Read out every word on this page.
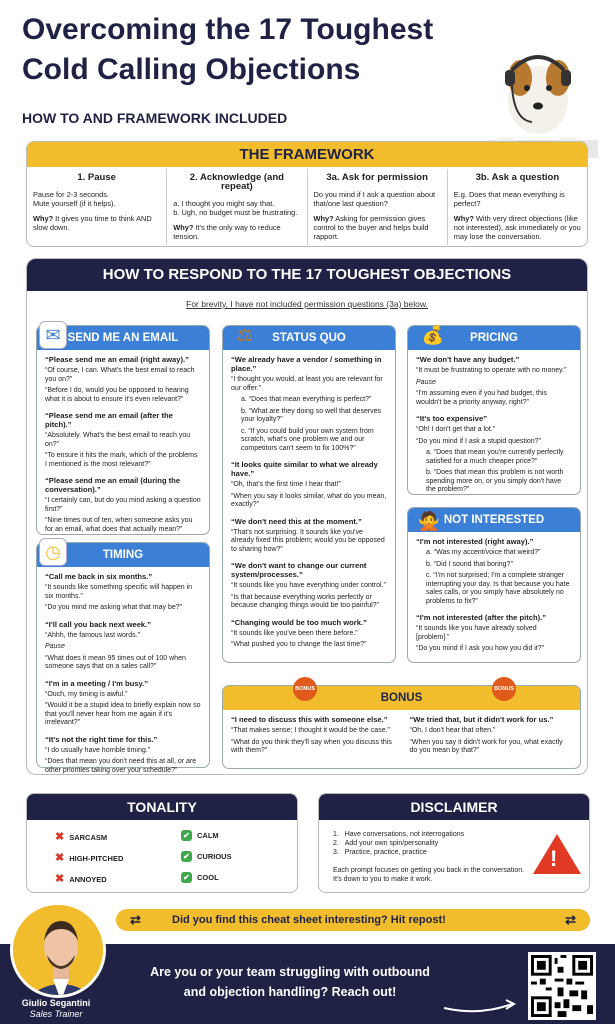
Overcoming the 17 Toughest
Cold Calling Objections
HOW TO AND FRAMEWORK INCLUDED
THE FRAMEWORK
1. Pause
Pause for 2-3 seconds.
Mute yourself (if it helps).
Why? It gives you time to think AND slow down.
2. Acknowledge (and repeat)
a. I thought you might say that.
b. Ugh, no budget must be frustrating.
Why? It's the only way to reduce tension.
3a. Ask for permission
Do you mind if I ask a question about that/one last question?
Why? Asking for permission gives control to the buyer and helps build rapport.
3b. Ask a question
E.g. Does that mean everything is perfect?
Why? With very direct objections (like not interested), ask immediately or you may lose the conversation.
HOW TO RESPOND TO THE 17 TOUGHEST OBJECTIONS
For brevity, I have not included permission questions (3a) below.
SEND ME AN EMAIL
“Please send me an email (right away).”
“Of course, I can. What's the best email to reach you on?”
“Before I do, would you be opposed to hearing what it is about to ensure it's even relevant?”
“Please send me an email (after the pitch).”
“Absolutely. What's the best email to reach you on?”
“To ensure it hits the mark, which of the problems I mentioned is the most relevant?”
“Please send me an email (during the conversation).”
“I certainly can, but do you mind asking a question first?”
“Nine times out of ten, when someone asks you for an email, what does that actually mean?”
✉
TIMING
“Call me back in six months.”
“It sounds like something specific will happen in six months.”
“Do you mind me asking what that may be?”
“I'll call you back next week.”
“Ahhh, the famous last words.”
Pause
“What does it mean 95 times out of 100 when someone says that on a sales call?”
“I'm in a meeting / I'm busy.”
“Ouch, my timing is awful.”
“Would it be a stupid idea to briefly explain now so that you'll never hear from me again if it's irrelevant?”
“It's not the right time for this.”
“I do usually have horrible timing.”
“Does that mean you don't need this at all, or are other priorities taking over your schedule?”
◷
STATUS QUO
“We already have a vendor / something in place.”
“I thought you would, at least you are relevant for our offer.”
a. “Does that mean everything is perfect?”
b. “What are they doing so well that deserves your loyalty?”
c. “If you could build your own system from scratch, what's one problem we and our competitors can't seem to fix 100%?”
“It looks quite similar to what we already have.”
“Oh, that's the first time I hear that!”
“When you say it looks similar, what do you mean, exactly?”
“We don't need this at the moment.”
“That's not surprising. It sounds like you've already fixed this problem; would you be opposed to sharing how?”
“We don't want to change our current system/processes.”
“It sounds like you have everything under control.”
“Is that because everything works perfectly or because changing things would be too painful?”
“Changing would be too much work.”
“It sounds like you've been there before.”
“What pushed you to change the last time?”
⚖	PRICING
“We don't have any budget.”
“It must be frustrating to operate with no money.”
Pause
“I'm assuming even if you had budget, this wouldn't be a priority anyway, right?”
“It's too expensive”
“Oh! I don't get that a lot.”
“Do you mind if I ask a stupid question?”
a. “Does that mean you're currently perfectly satisfied for a much cheaper price?”
b. “Does that mean this problem is not worth spending more on, or you simply don't have the problem?”
💰
NOT INTERESTED
“I'm not interested (right away).”
a. “Was my accent/voice that weird?”
b. “Did I sound that boring?”
c. “I'm not surprised; I'm a complete stranger interrupting your day. Is that because you hate sales calls, or you simply have absolutely no problems to fix?”
“I'm not interested (after the pitch).”
“It sounds like you have already solved [problem].”
“Do you mind if I ask you how you did it?”
🙅
BONUS
“I need to discuss this with someone else.”
“That makes sense; I thought it would be the case.”
“What do you think they'll say when you discuss this with them?”
“We tried that, but it didn't work for us.”
“Oh, I don't hear that often.”
“When you say it didn't work for you, what exactly do you mean by that?”
BONUS	BONUS
TONALITY
✖ SARCASM	✔ CALM
✖ HIGH-PITCHED	✔ CURIOUS
✖ ANNOYED	✔ COOL
DISCLAIMER
1.   Have conversations, not interrogations
2.   Add your own spin/personality
3.   Practice, practice, practice
Each prompt focuses on getting you back in the conversation. It's down to you to make it work.
!
⇄	Did you find this cheat sheet interesting? Hit repost!	⇄
Are you or your team struggling with outbound and objection handling? Reach out!
Giulio Segantini
Sales Trainer
